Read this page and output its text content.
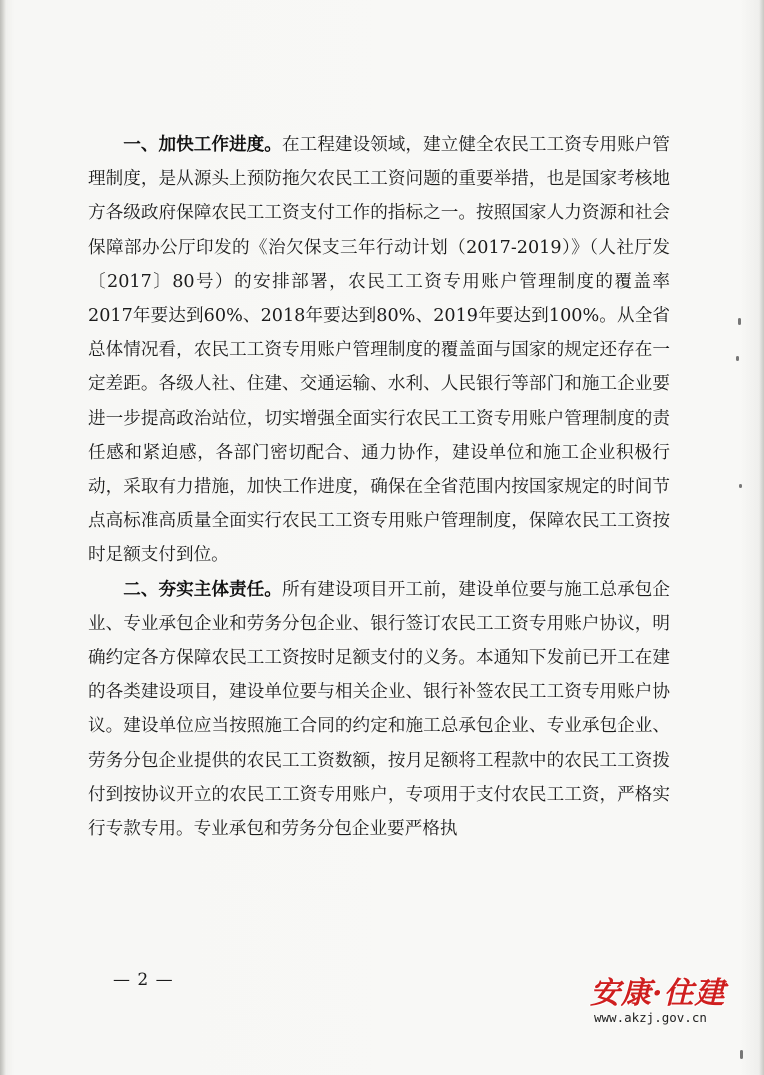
一、加快工作进度。在工程建设领域，建立健全农民工工资专用账户管理制度，是从源头上预防拖欠农民工工资问题的重要举措，也是国家考核地方各级政府保障农民工工资支付工作的指标之一。按照国家人力资源和社会保障部办公厅印发的《治欠保支三年行动计划（2017-2019）》（人社厅发〔2017〕80号）的安排部署，农民工工资专用账户管理制度的覆盖率2017年要达到60%、2018年要达到80%、2019年要达到100%。从全省总体情况看，农民工工资专用账户管理制度的覆盖面与国家的规定还存在一定差距。各级人社、住建、交通运输、水利、人民银行等部门和施工企业要进一步提高政治站位，切实增强全面实行农民工工资专用账户管理制度的责任感和紧迫感，各部门密切配合、通力协作，建设单位和施工企业积极行动，采取有力措施，加快工作进度，确保在全省范围内按国家规定的时间节点高标准高质量全面实行农民工工资专用账户管理制度，保障农民工工资按时足额支付到位。

二、夯实主体责任。所有建设项目开工前，建设单位要与施工总承包企业、专业承包企业和劳务分包企业、银行签订农民工工资专用账户协议，明确约定各方保障农民工工资按时足额支付的义务。本通知下发前已开工在建的各类建设项目，建设单位要与相关企业、银行补签农民工工资专用账户协议。建设单位应当按照施工合同的约定和施工总承包企业、专业承包企业、劳务分包企业提供的农民工工资数额，按月足额将工程款中的农民工工资拨付到按协议开立的农民工工资专用账户，专项用于支付农民工工资，严格实行专款专用。专业承包和劳务分包企业要严格执

— 2 —	安康·住建
www.akzj.gov.cn
